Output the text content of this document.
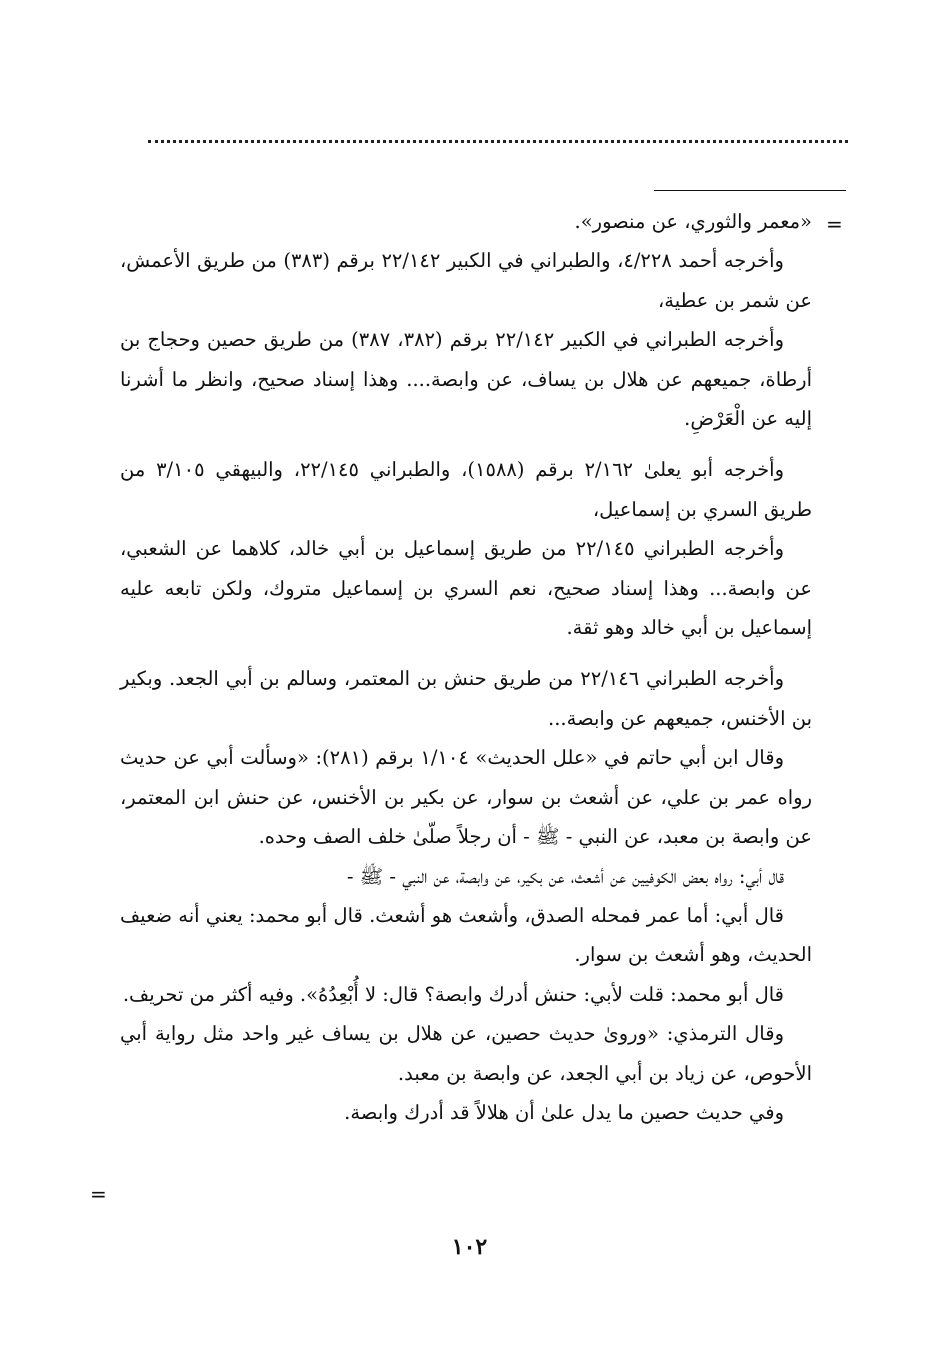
=
=

«معمر والثوري، عن منصور».

وأخرجه أحمد ٤/٢٢٨، والطبراني في الكبير ٢٢/١٤٢ برقم (٣٨٣) من طريق الأعمش، عن شمر بن عطية،

وأخرجه الطبراني في الكبير ٢٢/١٤٢ برقم (٣٨٢، ٣٨٧) من طريق حصين وحجاج بن أرطاة، جميعهم عن هلال بن يساف، عن وابصة.... وهذا إسناد صحيح، وانظر ما أشرنا إليه عن الْعَرْضِ.

وأخرجه أبو يعلىٰ ٢/١٦٢ برقم (١٥٨٨)، والطبراني ٢٢/١٤٥، والبيهقي ٣/١٠٥ من طريق السري بن إسماعيل،

وأخرجه الطبراني ٢٢/١٤٥ من طريق إسماعيل بن أبي خالد، كلاهما عن الشعبي، عن وابصة... وهذا إسناد صحيح، نعم السري بن إسماعيل متروك، ولكن تابعه عليه إسماعيل بن أبي خالد وهو ثقة.

وأخرجه الطبراني ٢٢/١٤٦ من طريق حنش بن المعتمر، وسالم بن أبي الجعد. وبكير بن الأخنس، جميعهم عن وابصة...

وقال ابن أبي حاتم في «علل الحديث» ١/١٠٤ برقم (٢٨١): «وسألت أبي عن حديث رواه عمر بن علي، عن أشعث بن سوار، عن بكير بن الأخنس، عن حنش ابن المعتمر، عن وابصة بن معبد، عن النبي - ﷺ - أن رجلاً صلّىٰ خلف الصف وحده.

قال أبي: رواه بعض الكوفيين عن أشعث، عن بكير، عن وابصة، عن النبي - ﷺ -

قال أبي: أما عمر فمحله الصدق، وأشعث هو أشعث. قال أبو محمد: يعني أنه ضعيف الحديث، وهو أشعث بن سوار.

قال أبو محمد: قلت لأبي: حنش أدرك وابصة؟ قال: لا أُبْعِدُهُ». وفيه أكثر من تحريف.

وقال الترمذي: «وروىٰ حديث حصين، عن هلال بن يساف غير واحد مثل رواية أبي الأحوص، عن زياد بن أبي الجعد، عن وابصة بن معبد.

وفي حديث حصين ما يدل علىٰ أن هلالاً قد أدرك وابصة.

١٠٢
